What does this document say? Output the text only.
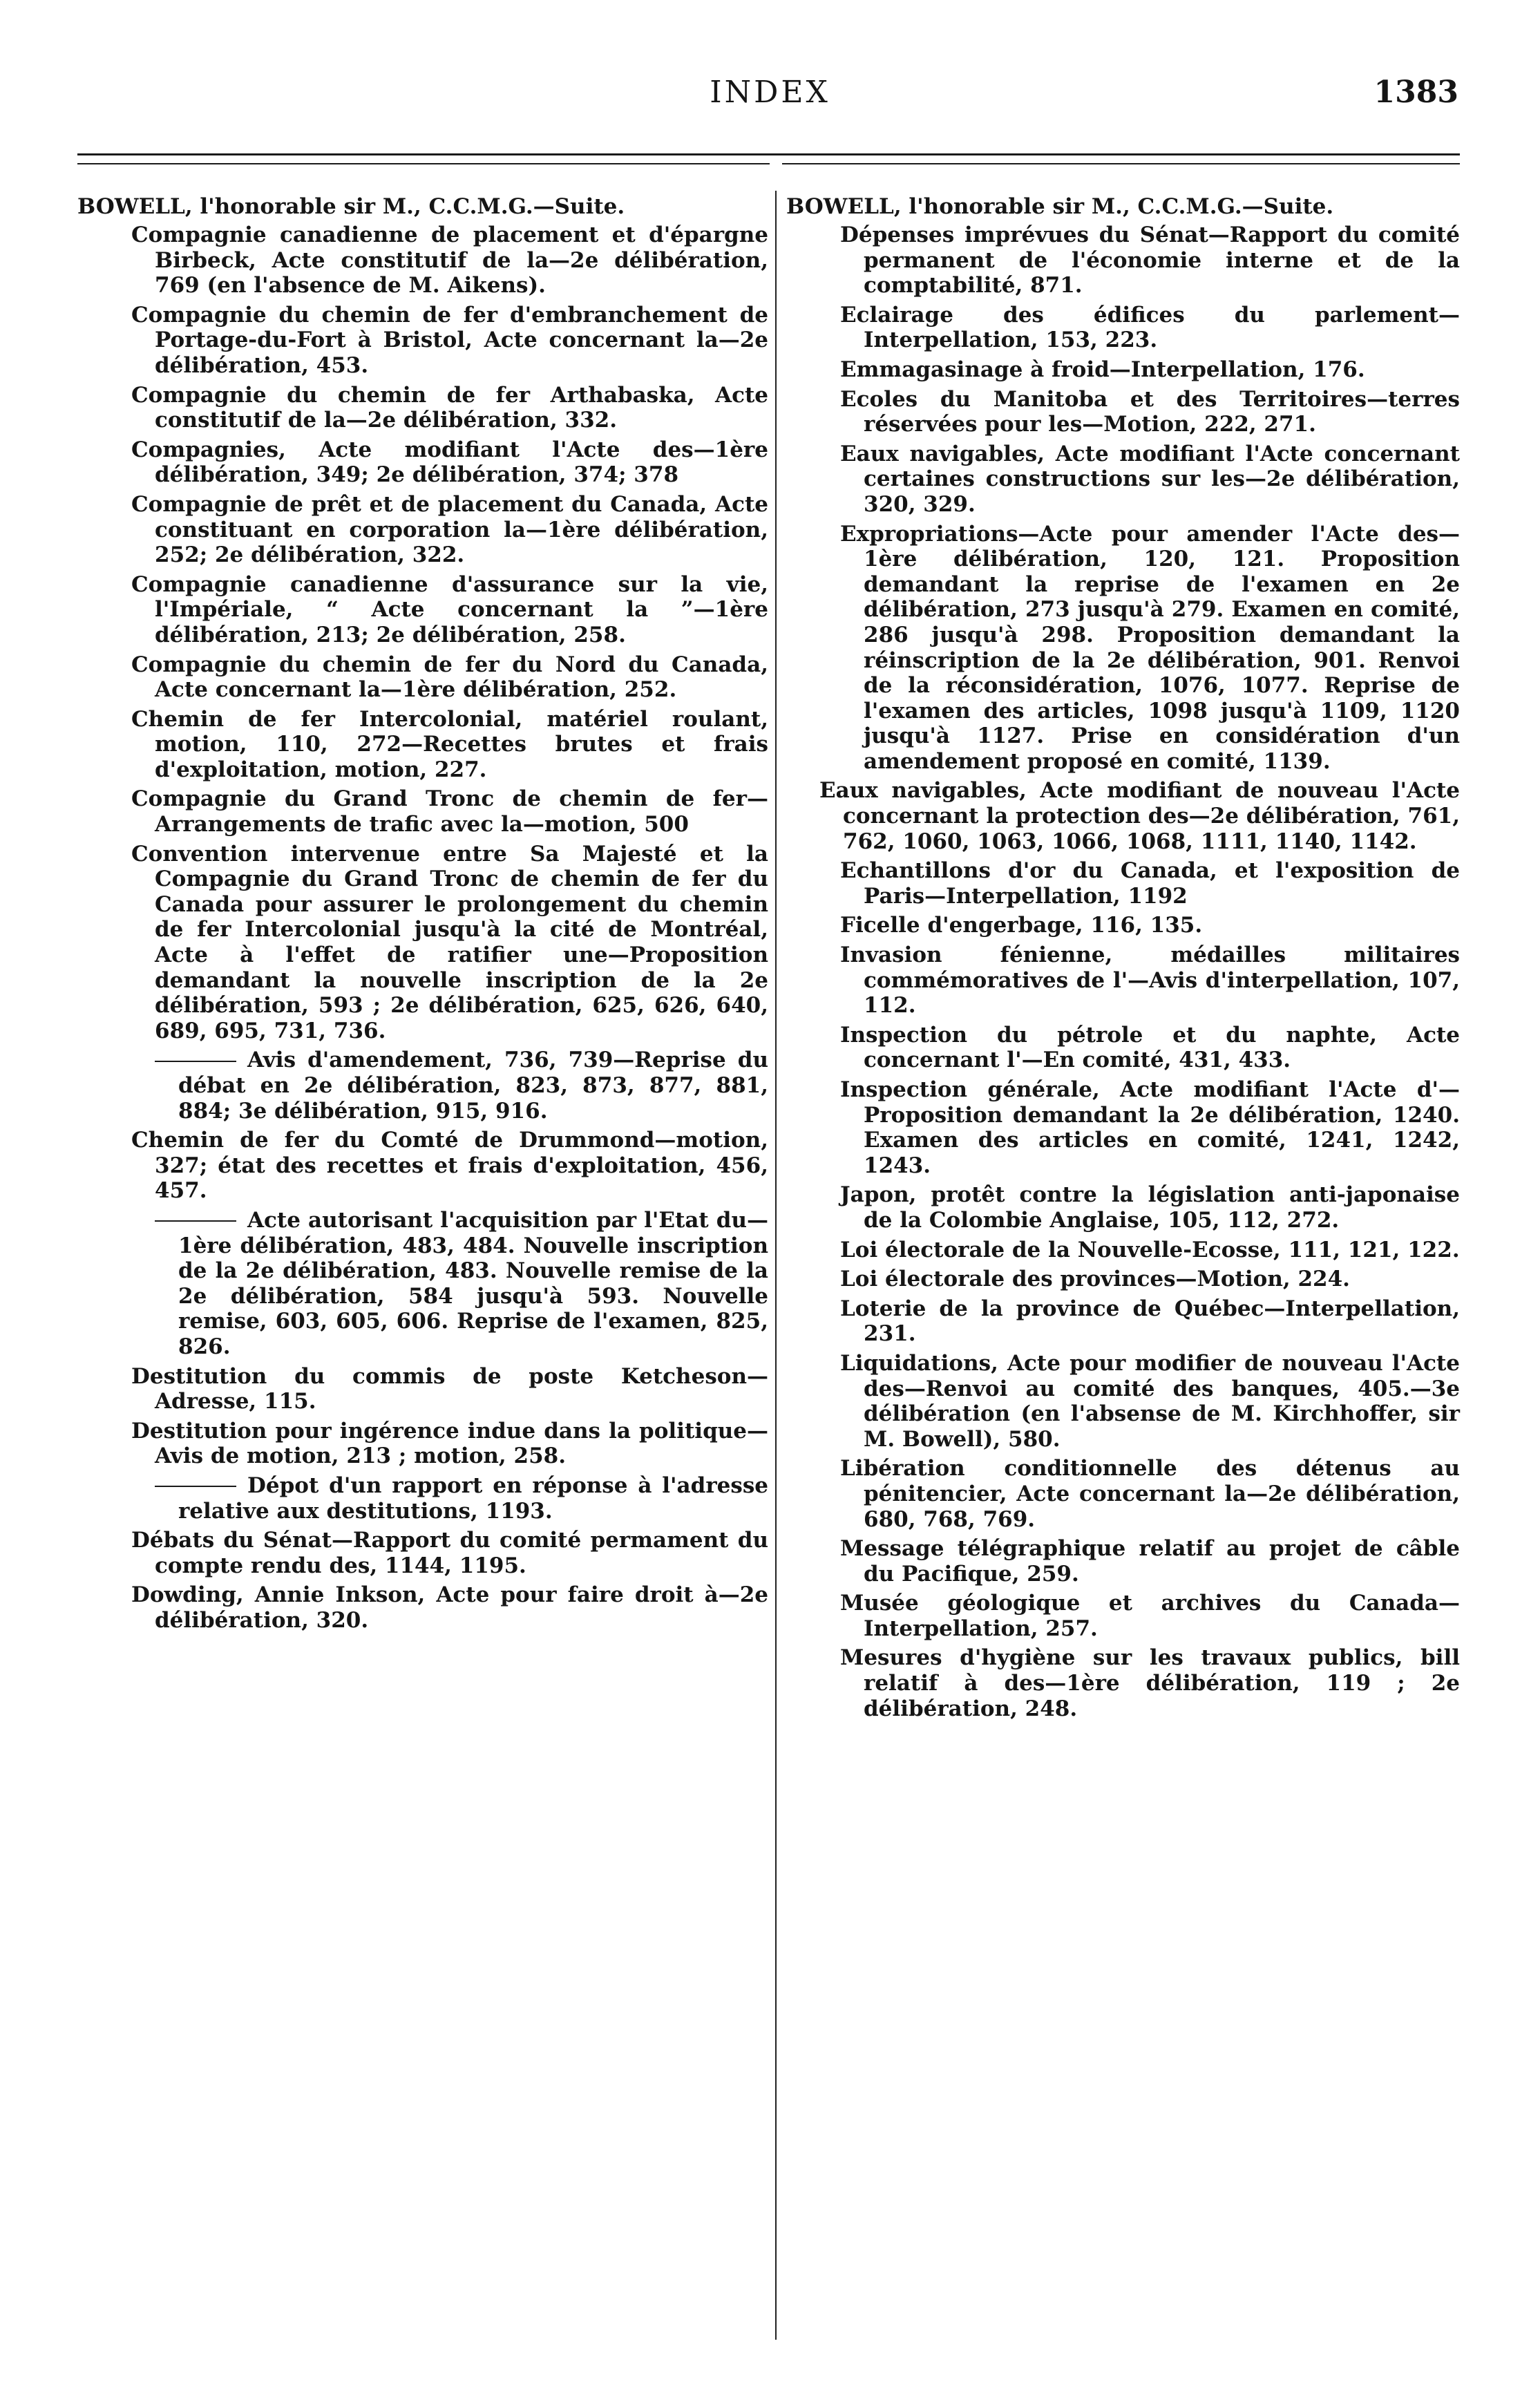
INDEX	1383
BOWELL, l'honorable sir M., C.C.M.G.—Suite.

Compagnie canadienne de placement et d'épargne Birbeck, Acte constitutif de la—2e délibération, 769 (en l'absence de M. Aikens).

Compagnie du chemin de fer d'embranchement de Portage-du-Fort à Bristol, Acte concernant la—2e délibération, 453.

Compagnie du chemin de fer Arthabaska, Acte constitutif de la—2e délibération, 332.

Compagnies, Acte modifiant l'Acte des—1ère délibération, 349; 2e délibération, 374; 378

Compagnie de prêt et de placement du Canada, Acte constituant en corporation la—1ère délibération, 252; 2e délibération, 322.

Compagnie canadienne d'assurance sur la vie, l'Impériale, “ Acte concernant la ”—1ère délibération, 213; 2e délibération, 258.

Compagnie du chemin de fer du Nord du Canada, Acte concernant la—1ère délibération, 252.

Chemin de fer Intercolonial, matériel roulant, motion, 110, 272—Recettes brutes et frais d'exploitation, motion, 227.

Compagnie du Grand Tronc de chemin de fer—Arrangements de trafic avec la—motion, 500

Convention intervenue entre Sa Majesté et la Compagnie du Grand Tronc de chemin de fer du Canada pour assurer le prolongement du chemin de fer Intercolonial jusqu'à la cité de Montréal, Acte à l'effet de ratifier une—Proposition demandant la nouvelle inscription de la 2e délibération, 593 ; 2e délibération, 625, 626, 640, 689, 695, 731, 736.

Avis d'amendement, 736, 739—Reprise du débat en 2e délibération, 823, 873, 877, 881, 884; 3e délibération, 915, 916.

Chemin de fer du Comté de Drummond—motion, 327; état des recettes et frais d'exploitation, 456, 457.

Acte autorisant l'acquisition par l'Etat du—1ère délibération, 483, 484. Nouvelle inscription de la 2e délibération, 483. Nouvelle remise de la 2e délibération, 584 jusqu'à 593. Nouvelle remise, 603, 605, 606. Reprise de l'examen, 825, 826.

Destitution du commis de poste Ketcheson—Adresse, 115.

Destitution pour ingérence indue dans la politique—Avis de motion, 213 ; motion, 258.

Dépot d'un rapport en réponse à l'adresse relative aux destitutions, 1193.

Débats du Sénat—Rapport du comité permament du compte rendu des, 1144, 1195.

Dowding, Annie Inkson, Acte pour faire droit à—2e délibération, 320.

BOWELL, l'honorable sir M., C.C.M.G.—Suite.

Dépenses imprévues du Sénat—Rapport du comité permanent de l'économie interne et de la comptabilité, 871.

Eclairage des édifices du parlement—Interpellation, 153, 223.

Emmagasinage à froid—Interpellation, 176.

Ecoles du Manitoba et des Territoires—terres réservées pour les—Motion, 222, 271.

Eaux navigables, Acte modifiant l'Acte concernant certaines constructions sur les—2e délibération, 320, 329.

Expropriations—Acte pour amender l'Acte des—1ère délibération, 120, 121. Proposition demandant la reprise de l'examen en 2e délibération, 273 jusqu'à 279. Examen en comité, 286 jusqu'à 298. Proposition demandant la réinscription de la 2e délibération, 901. Renvoi de la réconsidération, 1076, 1077. Reprise de l'examen des articles, 1098 jusqu'à 1109, 1120 jusqu'à 1127. Prise en considération d'un amendement proposé en comité, 1139.

Eaux navigables, Acte modifiant de nouveau l'Acte concernant la protection des—2e délibération, 761, 762, 1060, 1063, 1066, 1068, 1111, 1140, 1142.

Echantillons d'or du Canada, et l'exposition de Paris—Interpellation, 1192

Ficelle d'engerbage, 116, 135.

Invasion fénienne, médailles militaires commémoratives de l'—Avis d'interpellation, 107, 112.

Inspection du pétrole et du naphte, Acte concernant l'—En comité, 431, 433.

Inspection générale, Acte modifiant l'Acte d'—Proposition demandant la 2e délibération, 1240. Examen des articles en comité, 1241, 1242, 1243.

Japon, protêt contre la législation anti-japonaise de la Colombie Anglaise, 105, 112, 272.

Loi électorale de la Nouvelle-Ecosse, 111, 121, 122.

Loi électorale des provinces—Motion, 224.

Loterie de la province de Québec—Interpellation, 231.

Liquidations, Acte pour modifier de nouveau l'Acte des—Renvoi au comité des banques, 405.—3e délibération (en l'absense de M. Kirchhoffer, sir M. Bowell), 580.

Libération conditionnelle des détenus au pénitencier, Acte concernant la—2e délibération, 680, 768, 769.

Message télégraphique relatif au projet de câble du Pacifique, 259.

Musée géologique et archives du Canada—Interpellation, 257.

Mesures d'hygiène sur les travaux publics, bill relatif à des—1ère délibération, 119 ; 2e délibération, 248.
